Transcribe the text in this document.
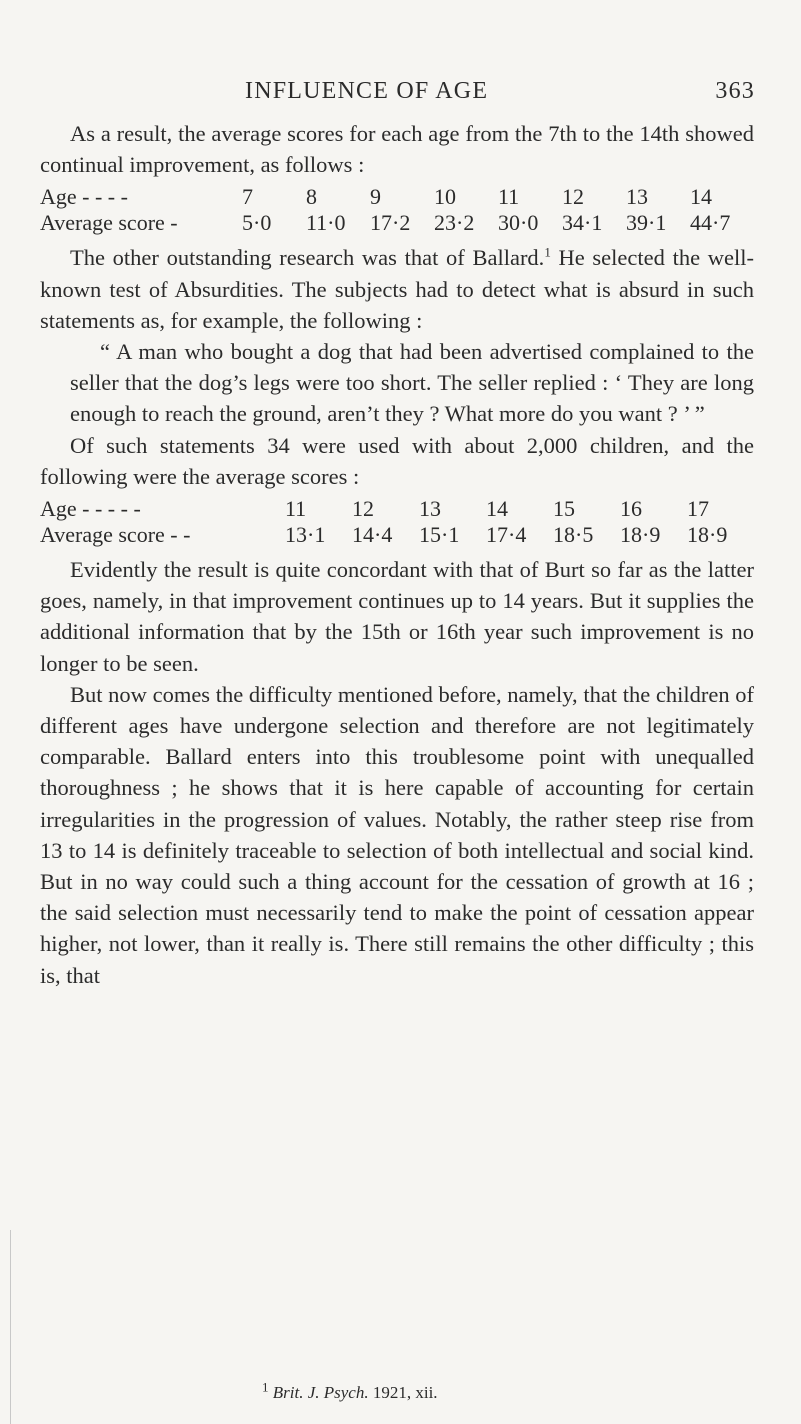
INFLUENCE OF AGE	363

As a result, the average scores for each age from the 7th to the 14th showed continual improvement, as follows :

Age - - - -	7	8	9	10	11	12	13	14
Average score -	5·0	11·0	17·2	23·2	30·0	34·1	39·1	44·7

The other outstanding research was that of Ballard.$^1$ He selected the well-known test of Absurdities. The subjects had to detect what is absurd in such statements as, for example, the following :

“ A man who bought a dog that had been advertised complained to the seller that the dog’s legs were too short. The seller replied : ‘ They are long enough to reach the ground, aren’t they ? What more do you want ? ’ ”

Of such statements 34 were used with about 2,000 children, and the following were the average scores :

Age - - - - -	11	12	13	14	15	16	17
Average score - -	13·1	14·4	15·1	17·4	18·5	18·9	18·9

Evidently the result is quite concordant with that of Burt so far as the latter goes, namely, in that improvement continues up to 14 years. But it supplies the additional information that by the 15th or 16th year such improvement is no longer to be seen.

But now comes the difficulty mentioned before, namely, that the children of different ages have undergone selection and therefore are not legitimately comparable. Ballard enters into this troublesome point with unequalled thoroughness ; he shows that it is here capable of accounting for certain irregularities in the progression of values. Notably, the rather steep rise from 13 to 14 is definitely traceable to selection of both intellectual and social kind. But in no way could such a thing account for the cessation of growth at 16 ; the said selection must necessarily tend to make the point of cessation appear higher, not lower, than it really is. There still remains the other difficulty ; this is, that

$^1$ Brit. J. Psych. 1921, xii.
